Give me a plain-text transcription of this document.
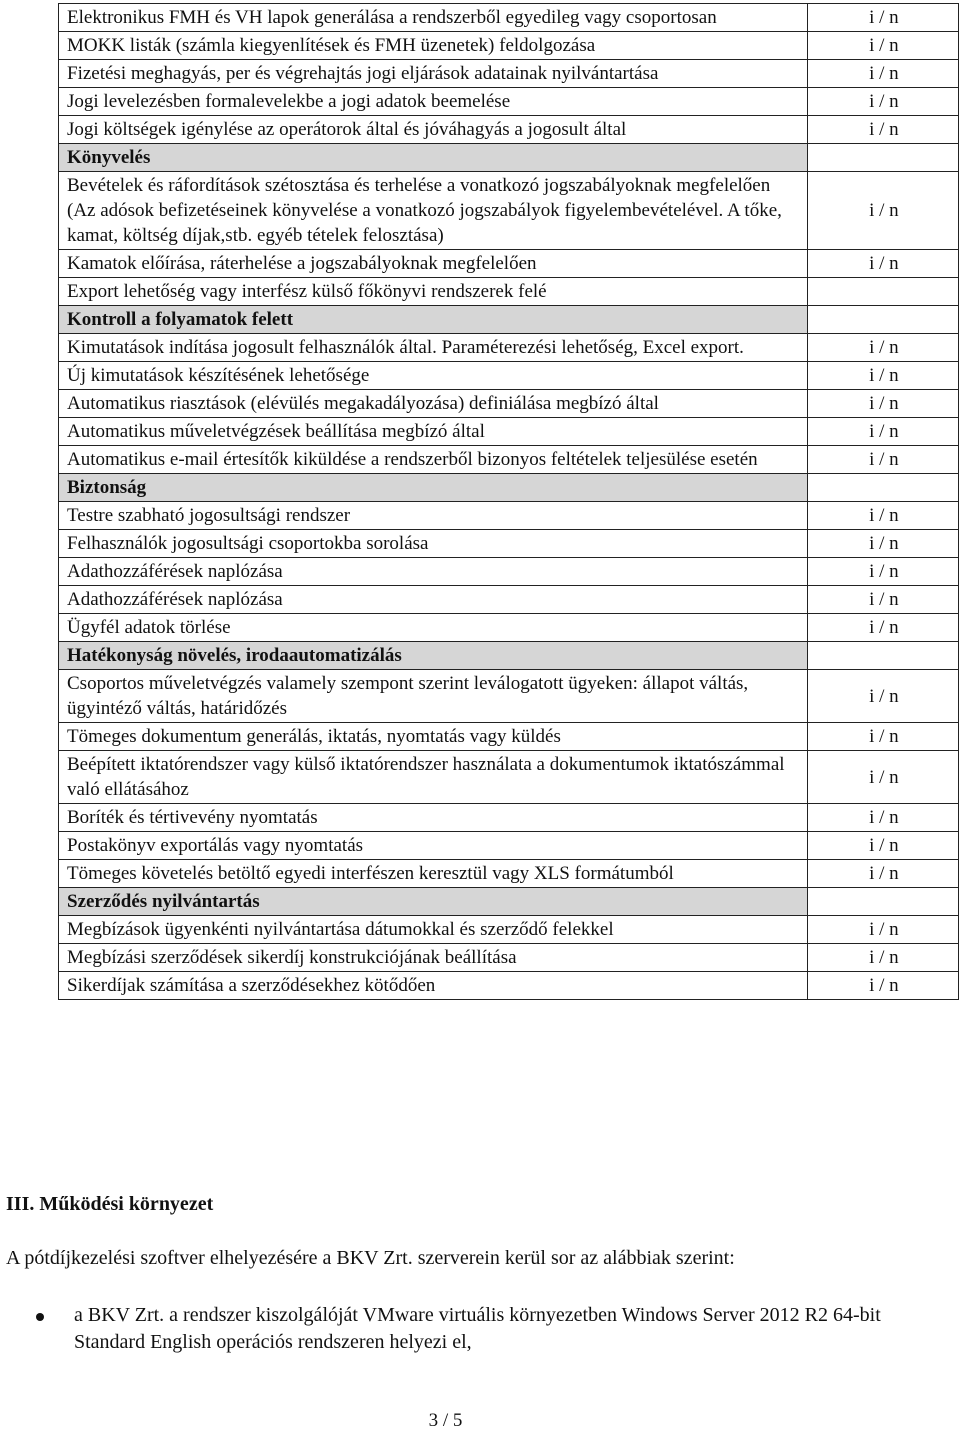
Elektronikus FMH és VH lapok generálása a rendszerből egyedileg vagy csoportosan	i / n
MOKK listák (számla kiegyenlítések és FMH üzenetek) feldolgozása	i / n
Fizetési meghagyás, per és végrehajtás jogi eljárások adatainak nyilvántartása	i / n
Jogi levelezésben formalevelekbe a jogi adatok beemelése	i / n
Jogi költségek igénylése az operátorok által és jóváhagyás a jogosult által	i / n
Könyvelés	
Bevételek és ráfordítások szétosztása és terhelése a vonatkozó jogszabályoknak megfelelően (Az adósok befizetéseinek könyvelése a vonatkozó jogszabályok figyelembevételével. A tőke, kamat, költség díjak,stb. egyéb tételek felosztása)	i / n
Kamatok előírása, ráterhelése a jogszabályoknak megfelelően	i / n
Export lehetőség vagy interfész külső főkönyvi rendszerek felé	
Kontroll a folyamatok felett	
Kimutatások indítása jogosult felhasználók által. Paraméterezési lehetőség, Excel export.	i / n
Új kimutatások készítésének lehetősége	i / n
Automatikus riasztások (elévülés megakadályozása) definiálása megbízó által	i / n
Automatikus műveletvégzések beállítása megbízó által	i / n
Automatikus e-mail értesítők kiküldése a rendszerből bizonyos feltételek teljesülése esetén	i / n
Biztonság	
Testre szabható jogosultsági rendszer	i / n
Felhasználók jogosultsági csoportokba sorolása	i / n
Adathozzáférések naplózása	i / n
Adathozzáférések naplózása	i / n
Ügyfél adatok törlése	i / n
Hatékonyság növelés, irodaautomatizálás	
Csoportos műveletvégzés valamely szempont szerint leválogatott ügyeken: állapot váltás, ügyintéző váltás, határidőzés	i / n
Tömeges dokumentum generálás, iktatás, nyomtatás vagy küldés	i / n
Beépített iktatórendszer vagy külső iktatórendszer használata a dokumentumok iktatószámmal való ellátásához	i / n
Boríték és tértivevény nyomtatás	i / n
Postakönyv exportálás vagy nyomtatás	i / n
Tömeges követelés betöltő egyedi interfészen keresztül vagy XLS formátumból	i / n
Szerződés nyilvántartás	
Megbízások ügyenkénti nyilvántartása dátumokkal és szerződő felekkel	i / n
Megbízási szerződések sikerdíj konstrukciójának beállítása	i / n
Sikerdíjak számítása a szerződésekhez kötődően	i / n
III. Működési környezet
A pótdíjkezelési szoftver elhelyezésére a BKV Zrt. szerverein kerül sor az alábbiak szerint:
a BKV Zrt. a rendszer kiszolgálóját VMware virtuális környezetben Windows Server 2012 R2 64-bit Standard English operációs rendszeren helyezi el,
3 / 5
